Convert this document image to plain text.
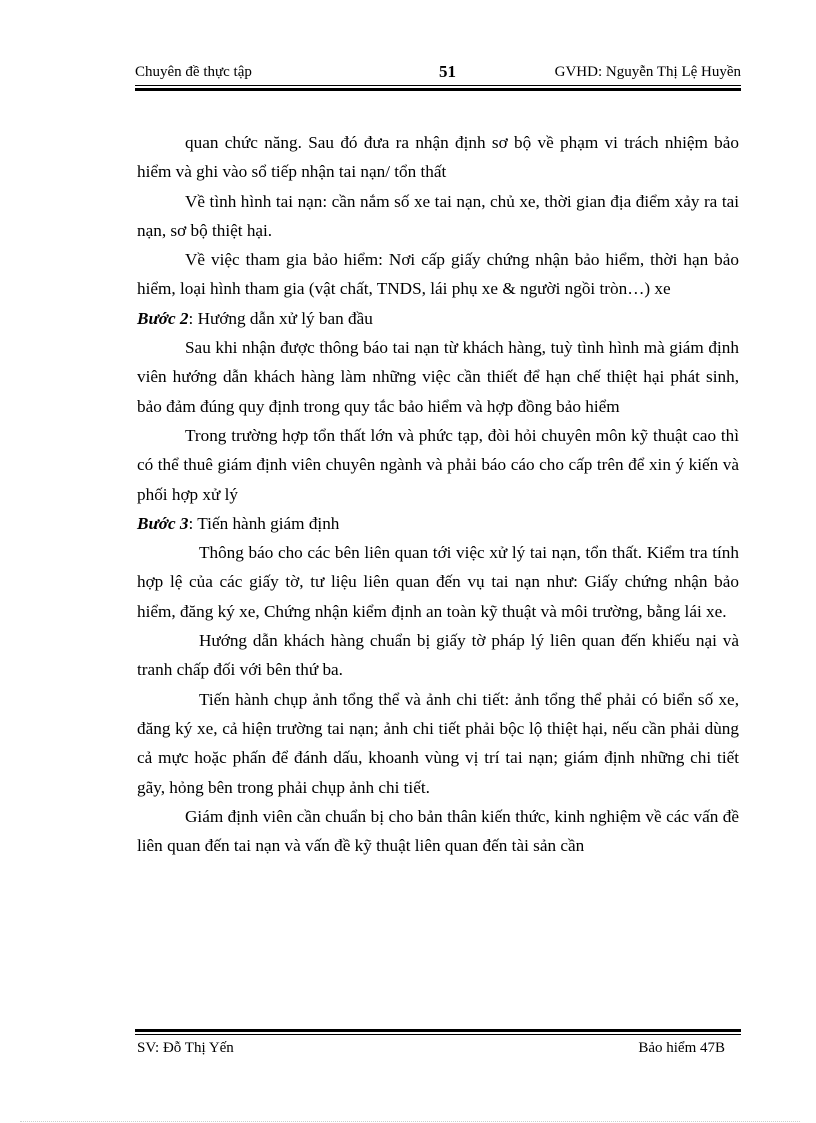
Chuyên đề thực tập	51	GVHD: Nguyễn Thị Lệ Huyền

quan chức năng. Sau đó đưa ra nhận định sơ bộ về phạm vi trách nhiệm bảo hiểm và ghi vào sổ tiếp nhận tai nạn/ tổn thất

Về tình hình tai nạn: cần nắm số xe tai nạn, chủ xe, thời gian địa điểm xảy ra tai nạn, sơ bộ thiệt hại.

Về việc tham gia bảo hiểm: Nơi cấp giấy chứng nhận bảo hiểm, thời hạn bảo hiểm, loại hình tham gia (vật chất, TNDS, lái phụ xe & người ngồi tròn…) xe

Bước 2: Hướng dẫn xử lý ban đầu

Sau khi nhận được thông báo tai nạn từ khách hàng, tuỳ tình hình mà giám định viên hướng dẫn khách hàng làm những việc cần thiết để hạn chế thiệt hại phát sinh, bảo đảm đúng quy định trong quy tắc bảo hiểm và hợp đồng bảo hiểm

Trong trường hợp tổn thất lớn và phức tạp, đòi hỏi chuyên môn kỹ thuật cao thì có thể thuê giám định viên chuyên ngành và phải báo cáo cho cấp trên để xin ý kiến và phối hợp xử lý

Bước 3: Tiến hành giám định

Thông báo cho các bên liên quan tới việc xử lý tai nạn, tổn thất. Kiểm tra tính hợp lệ của các giấy tờ, tư liệu liên quan đến vụ tai nạn như: Giấy chứng nhận bảo hiểm, đăng ký xe, Chứng nhận kiểm định an toàn kỹ thuật và môi trường, bằng lái xe.

Hướng dẫn khách hàng chuẩn bị giấy tờ pháp lý liên quan đến khiếu nại và tranh chấp đối với bên thứ ba.

Tiến hành chụp ảnh tổng thể và ảnh chi tiết: ảnh tổng thể phải có biển số xe, đăng ký xe, cả hiện trường tai nạn; ảnh chi tiết phải bộc lộ thiệt hại, nếu cần phải dùng cả mực hoặc phấn để đánh dấu, khoanh vùng vị trí tai nạn; giám định những chi tiết gãy, hỏng bên trong phải chụp ảnh chi tiết.

Giám định viên cần chuẩn bị cho bản thân kiến thức, kinh nghiệm về các vấn đề liên quan đến tai nạn và vấn đề kỹ thuật liên quan đến tài sản cần

SV: Đỗ Thị Yến	Bảo hiểm 47B
